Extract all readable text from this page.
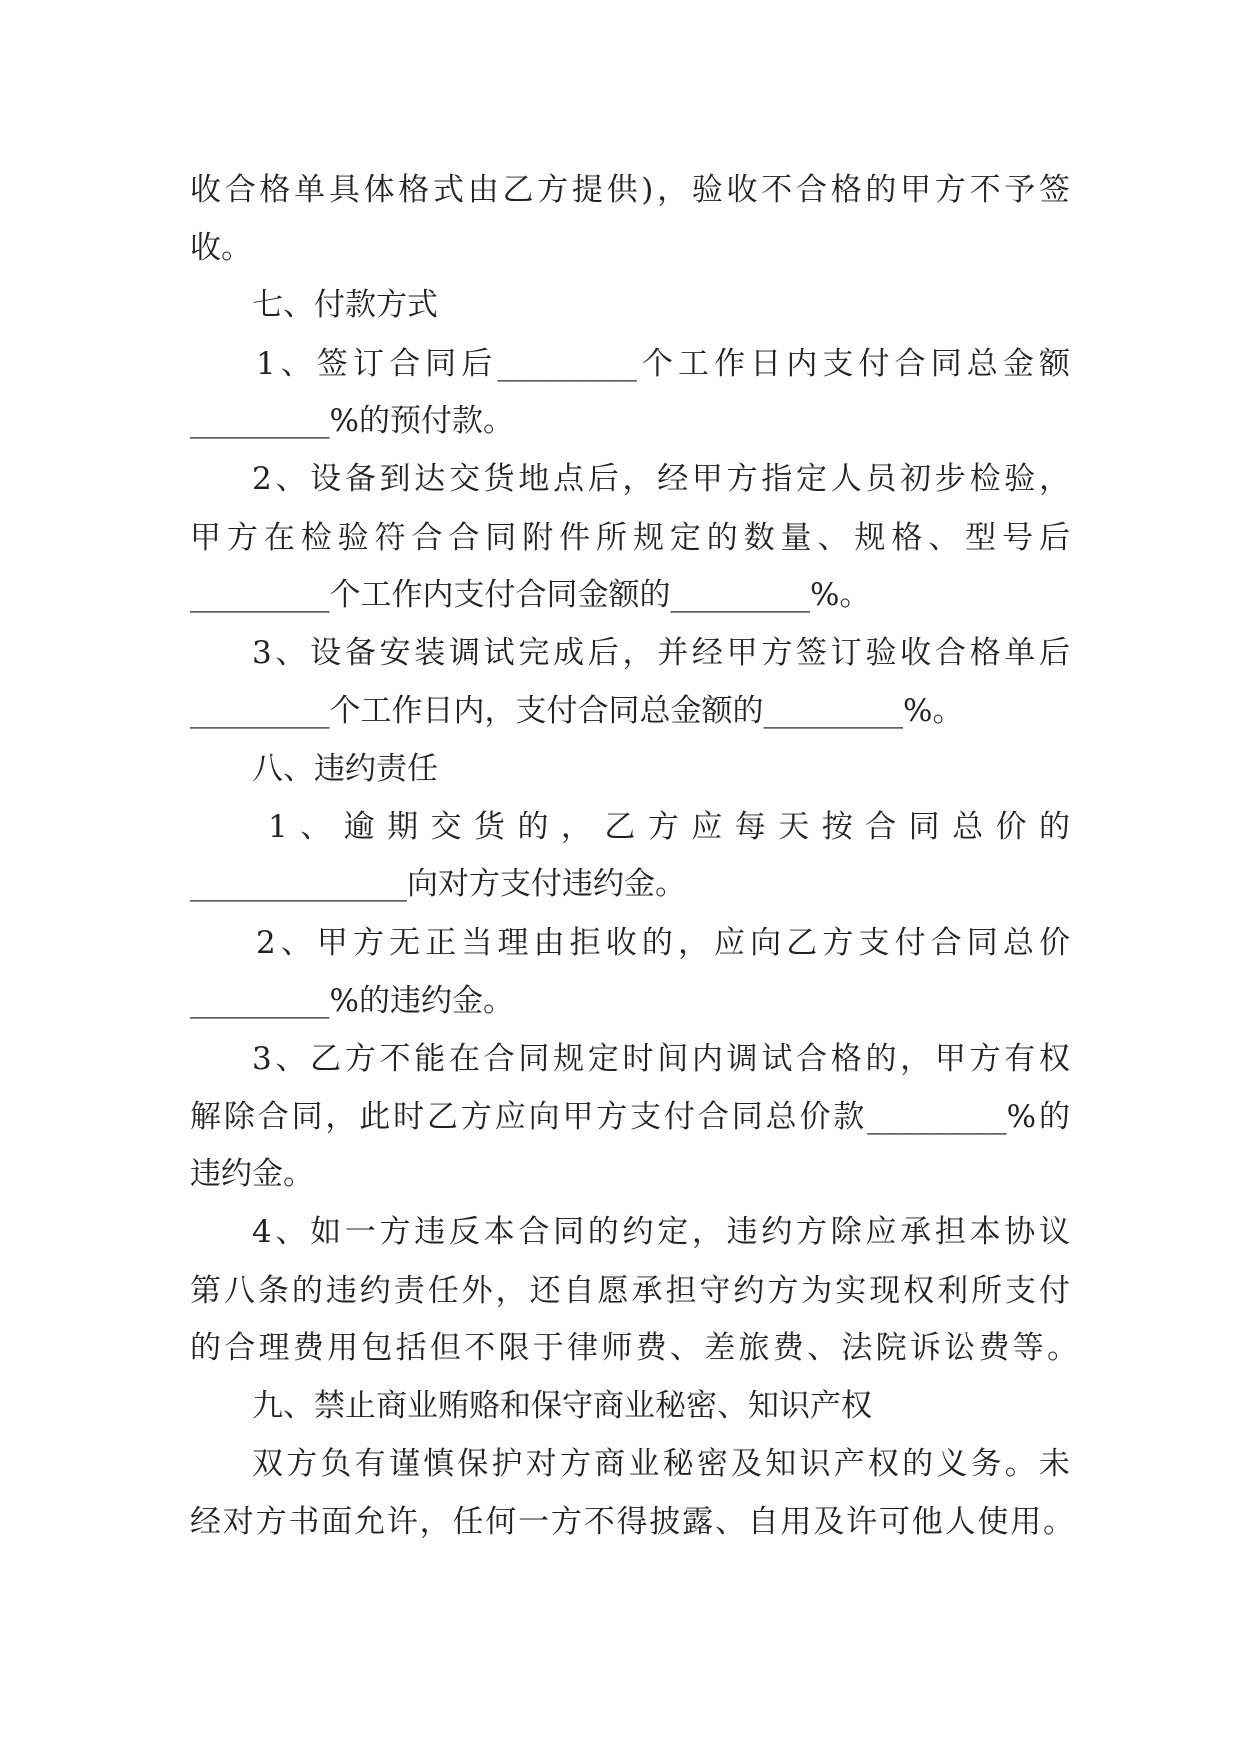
收合格单具体格式由乙方提供)，验收不合格的甲方不予签
收。
七、付款方式
1、签订合同后_________个工作日内支付合同总金额
_________%的预付款。
2、设备到达交货地点后，经甲方指定人员初步检验，
甲方在检验符合合同附件所规定的数量、规格、型号后
_________个工作内支付合同金额的_________%。
3、设备安装调试完成后，并经甲方签订验收合格单后
_________个工作日内，支付合同总金额的_________%。
八、违约责任
1、逾期交货的，乙方应每天按合同总价的
______________向对方支付违约金。
2、甲方无正当理由拒收的，应向乙方支付合同总价
_________%的违约金。
3、乙方不能在合同规定时间内调试合格的，甲方有权
解除合同，此时乙方应向甲方支付合同总价款_________%的
违约金。
4、如一方违反本合同的约定，违约方除应承担本协议
第八条的违约责任外，还自愿承担守约方为实现权利所支付
的合理费用包括但不限于律师费、差旅费、法院诉讼费等。
九、禁止商业贿赂和保守商业秘密、知识产权
双方负有谨慎保护对方商业秘密及知识产权的义务。未
经对方书面允许，任何一方不得披露、自用及许可他人使用。
